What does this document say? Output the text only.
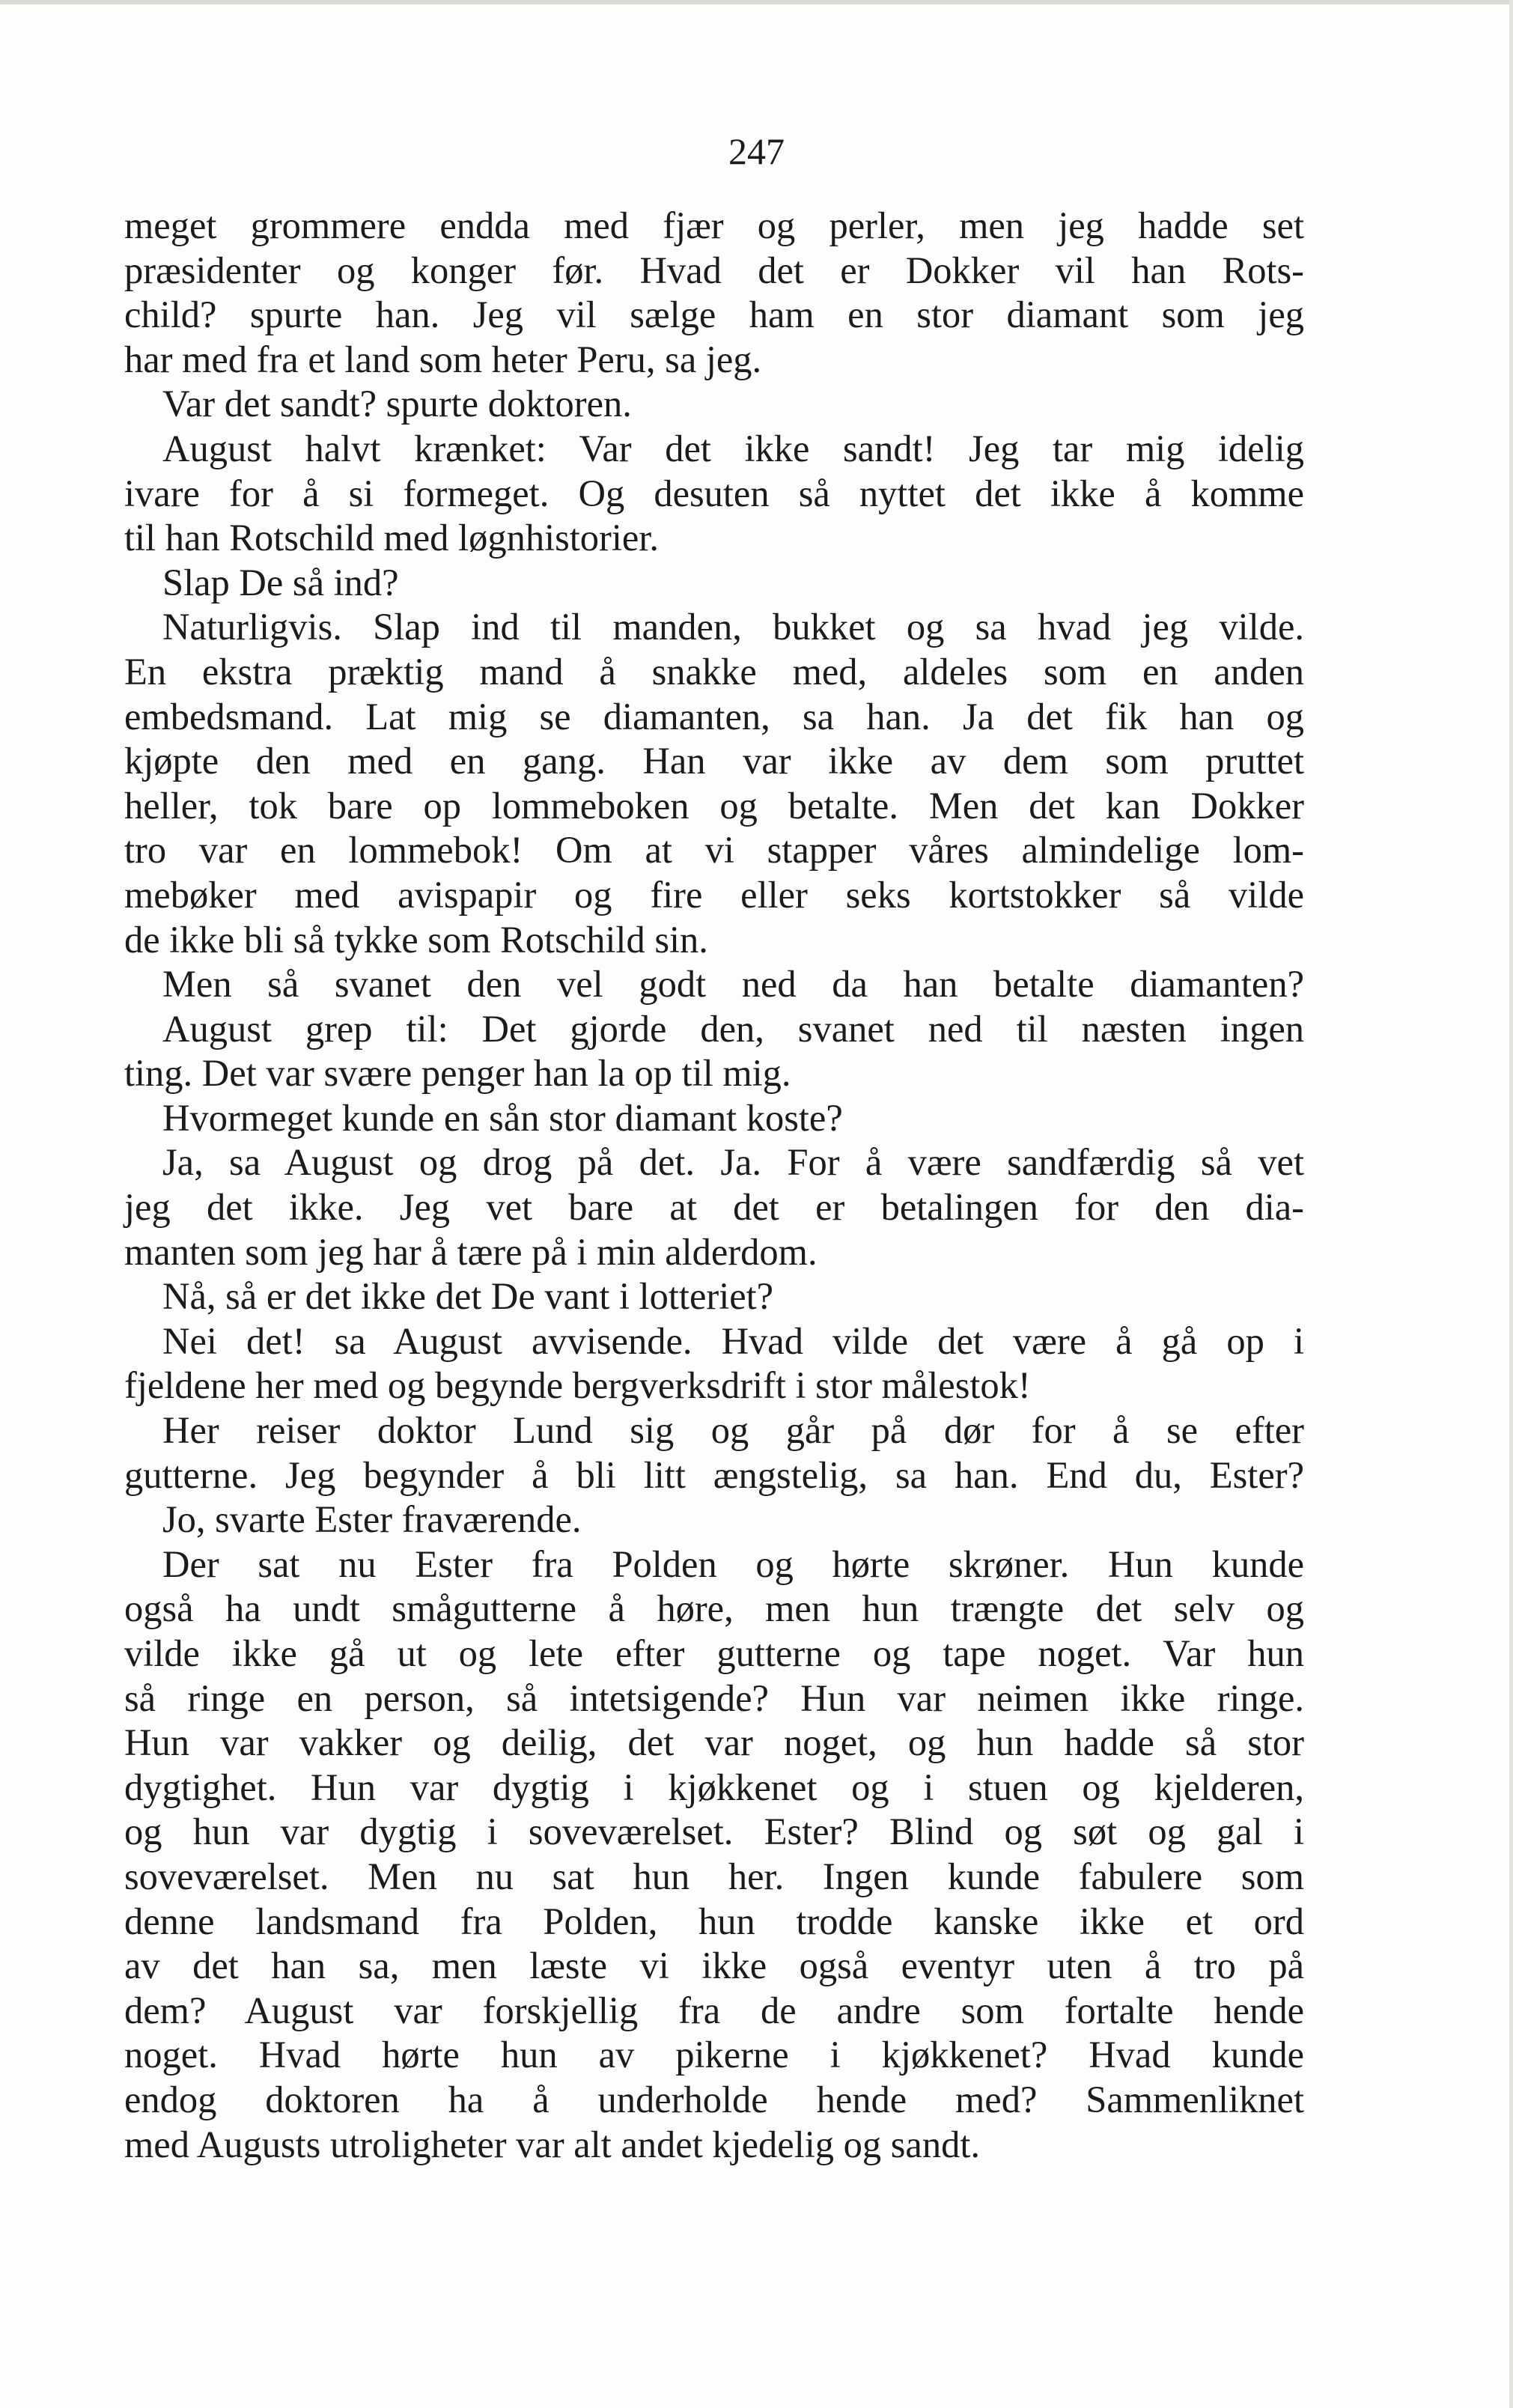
247
meget grommere endda med fjær og perler, men jeg hadde set
præsidenter og konger før. Hvad det er Dokker vil han Rots-
child? spurte han. Jeg vil sælge ham en stor diamant som jeg
har med fra et land som heter Peru, sa jeg.
Var det sandt? spurte doktoren.
August halvt krænket: Var det ikke sandt! Jeg tar mig idelig
ivare for å si formeget. Og desuten så nyttet det ikke å komme
til han Rotschild med løgnhistorier.
Slap De så ind?
Naturligvis. Slap ind til manden, bukket og sa hvad jeg vilde.
En ekstra præktig mand å snakke med, aldeles som en anden
embedsmand. Lat mig se diamanten, sa han. Ja det fik han og
kjøpte den med en gang. Han var ikke av dem som pruttet
heller, tok bare op lommeboken og betalte. Men det kan Dokker
tro var en lommebok! Om at vi stapper våres almindelige lom-
mebøker med avispapir og fire eller seks kortstokker så vilde
de ikke bli så tykke som Rotschild sin.
Men så svanet den vel godt ned da han betalte diamanten?
August grep til: Det gjorde den, svanet ned til næsten ingen
ting. Det var svære penger han la op til mig.
Hvormeget kunde en sån stor diamant koste?
Ja, sa August og drog på det. Ja. For å være sandfærdig så vet
jeg det ikke. Jeg vet bare at det er betalingen for den dia-
manten som jeg har å tære på i min alderdom.
Nå, så er det ikke det De vant i lotteriet?
Nei det! sa August avvisende. Hvad vilde det være å gå op i
fjeldene her med og begynde bergverksdrift i stor målestok!
Her reiser doktor Lund sig og går på dør for å se efter
gutterne. Jeg begynder å bli litt ængstelig, sa han. End du, Ester?
Jo, svarte Ester fraværende.
Der sat nu Ester fra Polden og hørte skrøner. Hun kunde
også ha undt smågutterne å høre, men hun trængte det selv og
vilde ikke gå ut og lete efter gutterne og tape noget. Var hun
så ringe en person, så intetsigende? Hun var neimen ikke ringe.
Hun var vakker og deilig, det var noget, og hun hadde så stor
dygtighet. Hun var dygtig i kjøkkenet og i stuen og kjelderen,
og hun var dygtig i soveværelset. Ester? Blind og søt og gal i
soveværelset. Men nu sat hun her. Ingen kunde fabulere som
denne landsmand fra Polden, hun trodde kanske ikke et ord
av det han sa, men læste vi ikke også eventyr uten å tro på
dem? August var forskjellig fra de andre som fortalte hende
noget. Hvad hørte hun av pikerne i kjøkkenet? Hvad kunde
endog doktoren ha å underholde hende med? Sammenliknet
med Augusts utroligheter var alt andet kjedelig og sandt.
